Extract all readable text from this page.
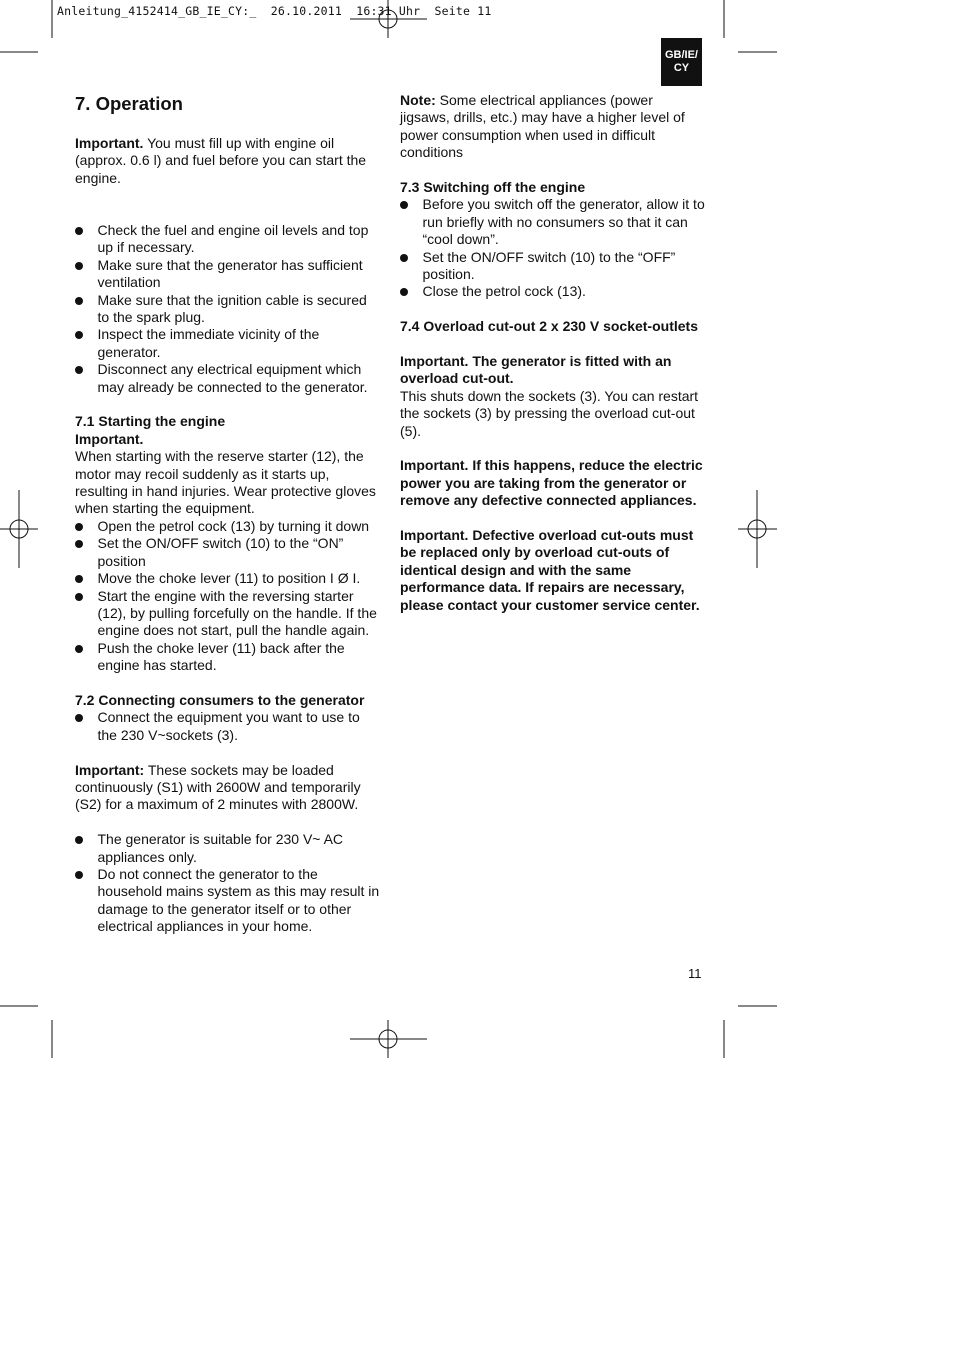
Anleitung_4152414_GB_IE_CY:_  26.10.2011  16:31 Uhr  Seite 11
GB/IE/
CY
7. Operation

Important. You must fill up with engine oil (approx. 0.6 l) and fuel before you can start the engine.

Check the fuel and engine oil levels and top up if necessary.
Make sure that the generator has sufficient ventilation
Make sure that the ignition cable is secured to the spark plug.
Inspect the immediate vicinity of the generator.
Disconnect any electrical equipment which may already be connected to the generator.
7.1 Starting the engine

Important.

When starting with the reserve starter (12), the motor may recoil suddenly as it starts up, resulting in hand injuries. Wear protective gloves when starting the equipment.

Open the petrol cock (13) by turning it down
Set the ON/OFF switch (10) to the “ON” position
Move the choke lever (11) to position I Ø I.
Start the engine with the reversing starter (12), by pulling forcefully on the handle. If the engine does not start, pull the handle again.
Push the choke lever (11) back after the engine has started.
7.2 Connecting consumers to the generator
Connect the equipment you want to use to the 230 V~sockets (3).

Important: These sockets may be loaded continuously (S1) with 2600W and temporarily (S2) for a maximum of 2 minutes with 2800W.

The generator is suitable for 230 V~ AC appliances only.
Do not connect the generator to the household mains system as this may result in damage to the generator itself or to other electrical appliances in your home.

Note: Some electrical appliances (power jigsaws, drills, etc.) may have a higher level of power consumption when used in difficult conditions

7.3 Switching off the engine
Before you switch off the generator, allow it to run briefly with no consumers so that it can “cool down”.
Set the ON/OFF switch (10) to the “OFF” position.
Close the petrol cock (13).
7.4 Overload cut-out 2 x 230 V socket-outlets

Important. The generator is fitted with an overload cut-out.

This shuts down the sockets (3). You can restart the sockets (3) by pressing the overload cut-out (5).

Important. If this happens, reduce the electric power you are taking from the generator or remove any defective connected appliances.

Important. Defective overload cut-outs must be replaced only by overload cut-outs of identical design and with the same performance data. If repairs are necessary, please contact your customer service center.

11
